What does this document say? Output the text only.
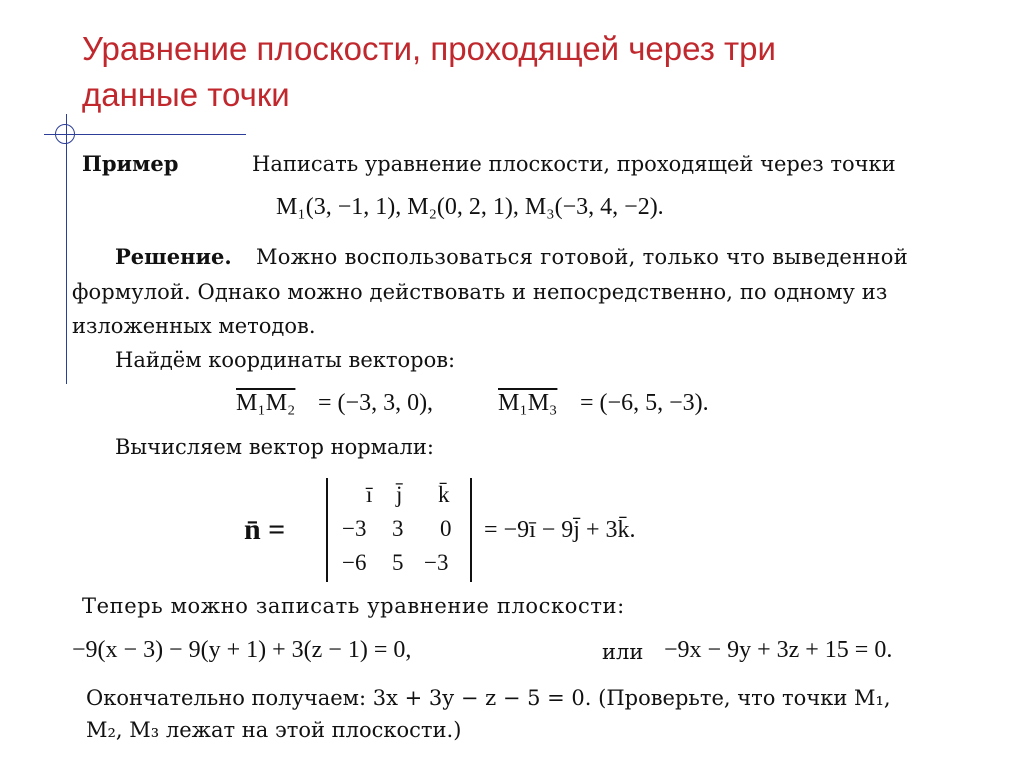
Уравнение плоскости, проходящей через три
данные точки
Пример	Написать уравнение плоскости, проходящей через точки
M₁(3, −1, 1), M₂(0, 2, 1), M₃(−3, 4, −2).
Решение. Можно воспользоваться готовой, только что выведенной
формулой. Однако можно действовать и непосредственно, по одному из
изложенных методов.
Найдём координаты векторов:
M₁M₂ = (−3, 3, 0),	M₁M₃ = (−6, 5, −3).
Вычисляем вектор нормали:
n̄ =
ī j̄ k̄
−3 3 0
−6 5 −3
= −9ī − 9j̄ + 3k̄.
Теперь можно записать уравнение плоскости:
−9(x − 3) − 9(y + 1) + 3(z − 1) = 0,	или −9x − 9y + 3z + 15 = 0.
Окончательно получаем: 3x + 3y − z − 5 = 0. (Проверьте, что точки M₁,
M₂, M₃ лежат на этой плоскости.)
